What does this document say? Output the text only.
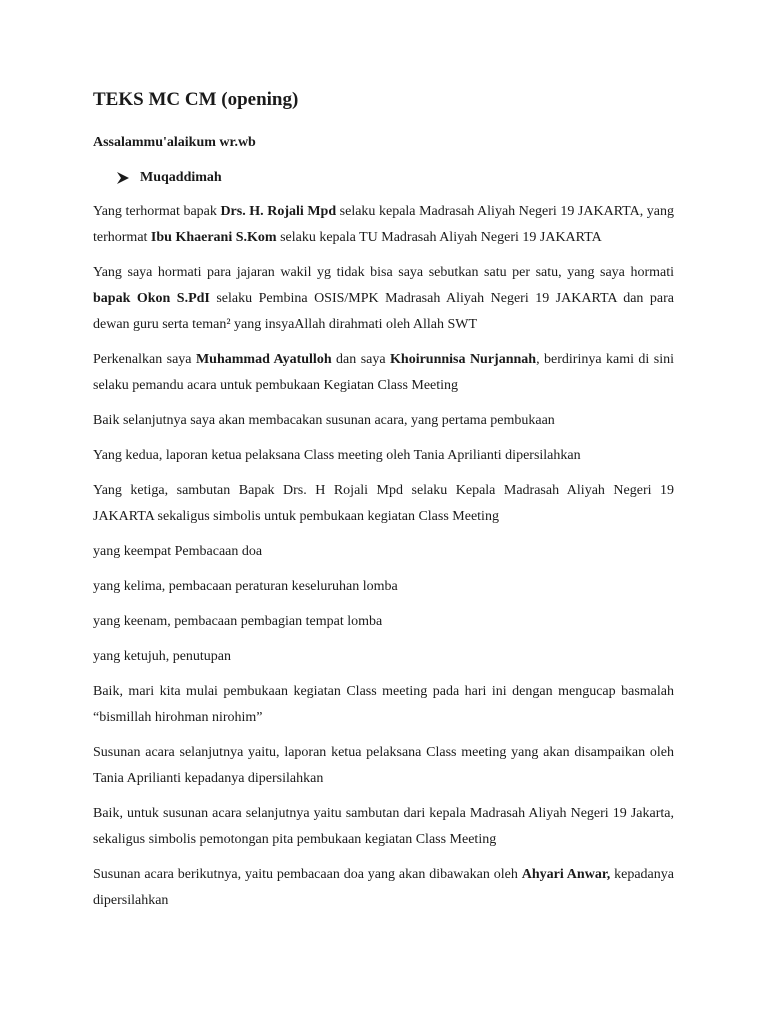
TEKS MC CM (opening)
Assalammu'alaikum wr.wb
Muqaddimah

Yang terhormat bapak Drs. H. Rojali Mpd selaku kepala Madrasah Aliyah Negeri 19 JAKARTA, yang terhormat Ibu Khaerani S.Kom selaku kepala TU Madrasah Aliyah Negeri 19 JAKARTA

Yang saya hormati para jajaran wakil yg tidak bisa saya sebutkan satu per satu, yang saya hormati bapak Okon S.PdI selaku Pembina OSIS/MPK Madrasah Aliyah Negeri 19 JAKARTA dan para dewan guru serta teman² yang insyaAllah dirahmati oleh Allah SWT

Perkenalkan saya Muhammad Ayatulloh dan saya Khoirunnisa Nurjannah, berdirinya kami di sini selaku pemandu acara untuk pembukaan Kegiatan Class Meeting

Baik selanjutnya saya akan membacakan susunan acara, yang pertama pembukaan

Yang kedua, laporan ketua pelaksana Class meeting oleh Tania Aprilianti dipersilahkan

Yang ketiga, sambutan Bapak Drs. H Rojali Mpd selaku Kepala Madrasah Aliyah Negeri 19 JAKARTA sekaligus simbolis untuk pembukaan kegiatan Class Meeting

yang keempat Pembacaan doa

yang kelima, pembacaan peraturan keseluruhan lomba

yang keenam, pembacaan pembagian tempat lomba

yang ketujuh, penutupan

Baik, mari kita mulai pembukaan kegiatan Class meeting pada hari ini dengan mengucap basmalah “bismillah hirohman nirohim”

Susunan acara selanjutnya yaitu, laporan ketua pelaksana Class meeting yang akan disampaikan oleh Tania Aprilianti kepadanya dipersilahkan

Baik, untuk susunan acara selanjutnya yaitu sambutan dari kepala Madrasah Aliyah Negeri 19 Jakarta, sekaligus simbolis pemotongan pita pembukaan kegiatan Class Meeting

Susunan acara berikutnya, yaitu pembacaan doa yang akan dibawakan oleh Ahyari Anwar, kepadanya dipersilahkan
